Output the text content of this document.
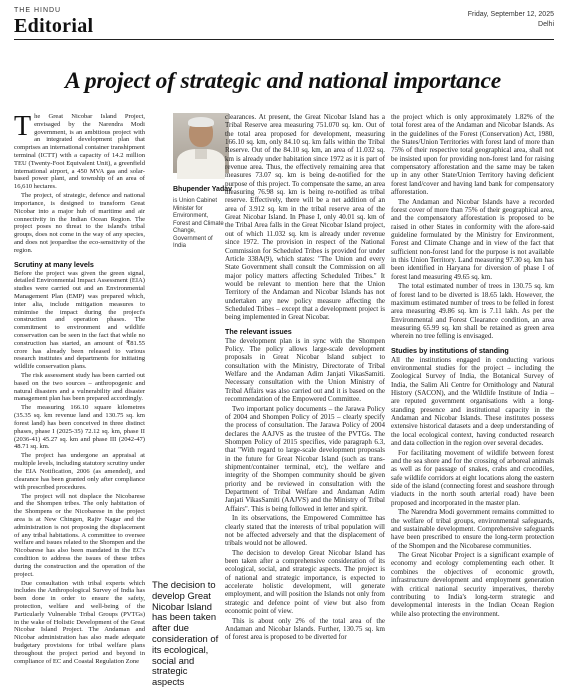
THE HINDU
Editorial
Friday, September 12, 2025
Delhi
A project of strategic and national importance

The Great Nicobar Island Project, envisaged by the Narendra Modi government, is an ambitious project with an integrated development plan that comprises an international container transhipment terminal (ICTT) with a capacity of 14.2 million TEU (Twenty-Foot Equivalent Unit), a greenfield international airport, a 450 MVA gas and solar-based power plant, and township of an area of 16,610 hectares.

The project, of strategic, defence and national importance, is designed to transform Great Nicobar into a major hub of maritime and air connectivity in the Indian Ocean Region. The project poses no threat to the island's tribal groups, does not come in the way of any species, and does not jeopardise the eco-sensitivity of the region.

Scrutiny at many levels

Before the project was given the green signal, detailed Environmental Impact Assessment (EIA) studies were carried out and an Environmental Management Plan (EMP) was prepared which, inter alia, include mitigation measures to minimise the impact during the project's construction and operation phases. The commitment to environment and wildlife conservation can be seen in the fact that while no construction has started, an amount of ₹81.55 crore has already been released to various research institutes and departments for initiating wildlife conservation plans.

The risk assessment study has been carried out based on the two sources – anthropogenic and natural disasters and a vulnerability and disaster management plan has been prepared accordingly.

The measuring 166.10 square kilometres (35.35 sq. km revenue land and 130.75 sq. km forest land) has been conceived in three distinct phases, phase I (2025-35) 72.12 sq. km, phase II (2036-41) 45.27 sq. km and phase III (2042-47) 48.71 sq. km.

The project has undergone an appraisal at multiple levels, including statutory scrutiny under the EIA Notification, 2006 (as amended), and clearance has been granted only after compliance with prescribed procedures.

The project will not displace the Nicobarese and the Shompen tribes. The only habitation of the Shompens or the Nicobarese in the project area is at New Chingen, Rajiv Nagar and the administration is not proposing the displacement of any tribal habitations. A committee to oversee welfare and issues related to the Shompen and the Nicobarese has also been mandated in the EC's condition to address the issues of these tribes during the construction and the operation of the project.

Due consultation with tribal experts which includes the Anthropological Survey of India has been done in order to ensure the safety, protection, welfare and well-being of the Particularly Vulnerable Tribal Groups (PVTGs) in the wake of Holistic Development of the Great Nicobar Island Project. The Andaman and Nicobar administration has also made adequate budgetary provisions for tribal welfare plans throughout the project period and beyond in compliance of EC and Coastal Regulation Zone

Bhupender Yadav
is Union Cabinet Minister for Environment, Forest and Climate Change, Government of India
The decision to develop Great Nicobar Island has been taken after due consideration of its ecological, social and strategic aspects

clearances. At present, the Great Nicobar Island has a Tribal Reserve area measuring 751.070 sq. km. Out of the total area proposed for development, measuring 166.10 sq. km, only 84.10 sq. km falls within the Tribal Reserve. Out of the 84.10 sq. km, an area of 11.032 sq. km is already under habitation since 1972 as it is part of revenue area. Thus, the effectively remaining area that measures 73.07 sq. km is being de-notified for the purpose of this project. To compensate the same, an area measuring 76.98 sq. km is being re-notified as tribal reserve. Effectively, there will be a net addition of an area of 3.912 sq. km in the tribal reserve area of the Great Nicobar Island. In Phase I, only 40.01 sq. km of the Tribal Area falls in the Great Nicobar Island project, out of which 11.032 sq. km is already under revenue since 1972. The provision in respect of the National Commission for Scheduled Tribes is provided for under Article 338A(9), which states: "The Union and every State Government shall consult the Commission on all major policy matters affecting Scheduled Tribes." It would be relevant to mention here that the Union Territory of the Andaman and Nicobar Islands has not undertaken any new policy measure affecting the Scheduled Tribes – except that a development project is being implemented in Great Nicobar.

The relevant issues

The development plan is in sync with the Shompen Policy. The policy allows large-scale development proposals in Great Nicobar Island subject to consultation with the Ministry, Directorate of Tribal Welfare and the Andaman Adim Janjati VikasSamiti. Necessary consultation with the Union Ministry of Tribal Affairs was also carried out and it is based on the recommendation of the Empowered Committee.

Two important policy documents – the Jarawa Policy of 2004 and Shompen Policy of 2015 – clearly specify the process of consultation. The Jarawa Policy of 2004 declares the AAJVS as the trustee of the PVTGs. The Shompen Policy of 2015 specifies, vide paragraph 6.3, that "With regard to large-scale development proposals in the future for Great Nicobar Island (such as trans-shipment/container terminal, etc), the welfare and integrity of the Shompen community should be given priority and be reviewed in consultation with the Department of Tribal Welfare and Andaman Adim Janjati VikasSamiti (AAJVS) and the Ministry of Tribal Affairs". This is being followed in letter and spirit.

In its observations, the Empowered Committee has clearly stated that the interests of tribal population will not be affected adversely and that the displacement of tribals would not be allowed.

The decision to develop Great Nicobar Island has been taken after a comprehensive consideration of its ecological, social, and strategic aspects. The project is of national and strategic importance, is expected to accelerate holistic development, will generate employment, and will position the Islands not only from strategic and defence point of view but also from economic point of view.

This is about only 2% of the total area of the Andaman and Nicobar Islands. Further, 130.75 sq. km of forest area is proposed to be diverted for

the project which is only approximately 1.82% of the total forest area of the Andaman and Nicobar Islands. As in the guidelines of the Forest (Conservation) Act, 1980, the States/Union Territories with forest land of more than 75% of their respective total geographical area, shall not be insisted upon for providing non-forest land for raising compensatory afforestation and the same may be taken up in any other State/Union Territory having deficient forest land/cover and having land bank for compensatory afforestation.

The Andaman and Nicobar Islands have a recorded forest cover of more than 75% of their geographical area, and the compensatory afforestation is proposed to be raised in other States in conformity with the afore-said guideline formulated by the Ministry for Environment, Forest and Climate Change and in view of the fact that sufficient non-forest land for the purpose is not available in this Union Territory. Land measuring 97.30 sq. km has been identified in Haryana for diversion of phase I of forest land measuring 49.65 sq. km.

The total estimated number of trees in 130.75 sq. km of forest land to be diverted is 18.65 lakh. However, the maximum estimated number of trees to be felled in forest area measuring 49.86 sq. km is 7.11 lakh. As per the Environmental and Forest Clearance condition, an area measuring 65.99 sq. km shall be retained as green area wherein no tree felling is envisaged.

Studies by institutions of standing

All the institutions engaged in conducting various environmental studies for the project – including the Zoological Survey of India, the Botanical Survey of India, the Salim Ali Centre for Ornithology and Natural History (SACON), and the Wildlife Institute of India – are reputed government organisations with a long-standing presence and institutional capacity in the Andaman and Nicobar Islands. These institutes possess extensive historical datasets and a deep understanding of the local ecological context, having conducted research and data collection in the region over several decades.

For facilitating movement of wildlife between forest and the sea shore and for the crossing of arboreal animals as well as for passage of snakes, crabs and crocodiles, safe wildlife corridors at eight locations along the eastern side of the island (connecting forest and seashore through viaducts in the north south arterial road) have been proposed and incorporated in the master plan.

The Narendra Modi government remains committed to the welfare of tribal groups, environmental safeguards, and sustainable development. Comprehensive safeguards have been prescribed to ensure the long-term protection of the Shompen and the Nicobarese communities.

The Great Nicobar Project is a significant example of economy and ecology complementing each other. It combines the objectives of economic growth, infrastructure development and employment generation with critical national security imperatives, thereby contributing to India's long-term strategic and developmental interests in the Indian Ocean Region while also protecting the environment.
